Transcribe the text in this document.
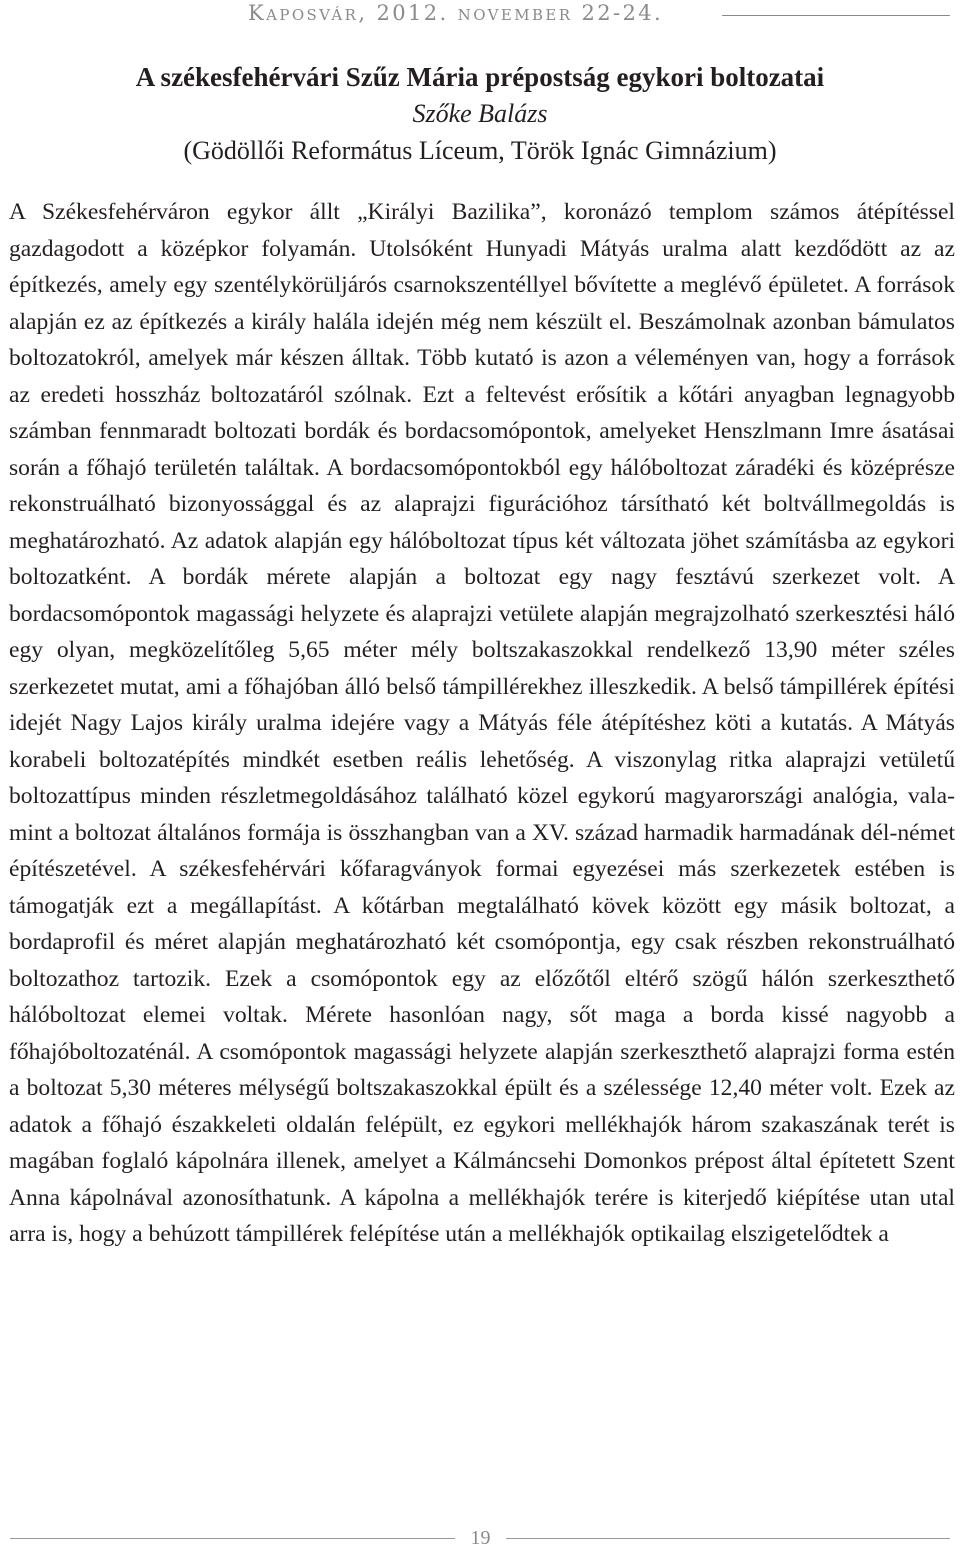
Kaposvár, 2012. november 22-24.
A székesfehérvári Szűz Mária prépostság egykori boltozatai
Szőke Balázs
(Gödöllői Református Líceum, Török Ignác Gimnázium)

A Székesfehérváron egykor állt „Királyi Bazilika”, koronázó templom számos átépítéssel gazdagodott a középkor folyamán. Utolsóként Hunyadi Mátyás uralma alatt kezdődött az az építkezés, amely egy szentélykörüljárós csarnokszentéllyel bővítette a meglévő épületet. A források alapján ez az építkezés a király halála idején még nem készült el. Beszámolnak azonban bámulatos boltozatokról, amelyek már készen álltak. Több kutató is azon a véleményen van, hogy a források az eredeti hosszház boltozatáról szólnak. Ezt a feltevést erősítik a kőtári anyagban legnagyobb számban fennmaradt boltozati bordák és bordacsomópontok, amelyeket Henszlmann Imre ásatásai során a főhajó területén találtak. A bordacsomópontokból egy hálóboltozat záradéki és középrésze rekonstruálható bizonyossággal és az alaprajzi figurációhoz társítható két boltvállmegoldás is meghatározható. Az adatok alapján egy hálóboltozat típus két változata jöhet számításba az egykori boltozatként. A bordák mérete alapján a boltozat egy nagy fesztávú szerkezet volt. A bordacsomópontok magassági helyzete és alaprajzi vetülete alapján megrajzolható szerkesztési háló egy olyan, megközelítőleg 5,65 méter mély boltszakaszokkal rendelkező 13,90 méter széles szerkezetet mutat, ami a főhajóban álló belső támpillérekhez illeszkedik. A belső támpillérek építési idejét Nagy Lajos király uralma idejére vagy a Mátyás féle átépítéshez köti a kutatás. A Mátyás korabeli boltozatépítés mindkét esetben reális lehetőség. A viszonylag ritka alaprajzi vetületű boltozattípus minden részletmegoldásához található közel egykorú magyarországi analógia, valamint a boltozat általános formája is összhangban van a XV. század harmadik harmadának dél-német építészetével. A székesfehérvári kőfaragványok formai egyezései más szerkezetek estében is támogatják ezt a megállapítást. A kőtárban megtalálható kövek között egy másik boltozat, a bordaprofil és méret alapján meghatározható két csomópontja, egy csak részben rekonstruálható boltozathoz tartozik. Ezek a csomópontok egy az előzőtől eltérő szögű hálón szerkeszthető hálóboltozat elemei voltak. Mérete hasonlóan nagy, sőt maga a borda kissé nagyobb a főhajóboltozaténál. A csomópontok magassági helyzete alapján szerkeszthető alaprajzi forma estén a boltozat 5,30 méteres mélységű boltszakaszokkal épült és a szélessége 12,40 méter volt. Ezek az adatok a főhajó északkeleti oldalán felépült, ez egykori mellékhajók három szakaszának terét is magában foglaló kápolnára illenek, amelyet a Kálmáncsehi Domonkos prépost által építetett Szent Anna kápolnával azonosíthatunk. A kápolna a mellékhajók terére is kiterjedő kiépítése utan utal arra is, hogy a behúzott támpillérek felépítése után a mellékhajók optikailag elszigetelődtek a

19
